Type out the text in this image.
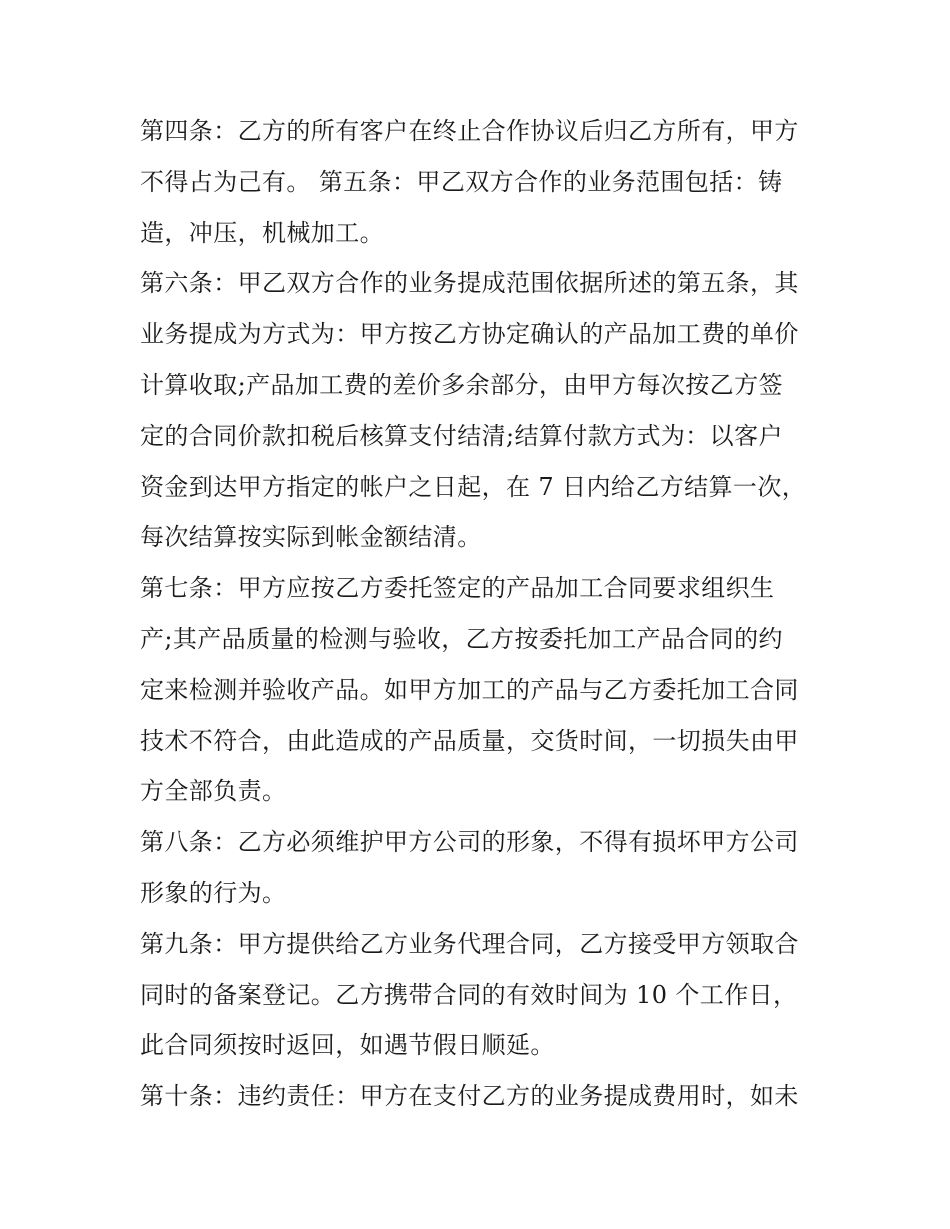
第四条：乙方的所有客户在终止合作协议后归乙方所有，甲方
不得占为己有。 第五条：甲乙双方合作的业务范围包括：铸
造，冲压，机械加工。
第六条：甲乙双方合作的业务提成范围依据所述的第五条，其
业务提成为方式为：甲方按乙方协定确认的产品加工费的单价
计算收取;产品加工费的差价多余部分，由甲方每次按乙方签
定的合同价款扣税后核算支付结清;结算付款方式为：以客户
资金到达甲方指定的帐户之日起，在 7 日内给乙方结算一次，
每次结算按实际到帐金额结清。
第七条：甲方应按乙方委托签定的产品加工合同要求组织生
产;其产品质量的检测与验收，乙方按委托加工产品合同的约
定来检测并验收产品。如甲方加工的产品与乙方委托加工合同
技术不符合，由此造成的产品质量，交货时间，一切损失由甲
方全部负责。
第八条：乙方必须维护甲方公司的形象，不得有损坏甲方公司
形象的行为。
第九条：甲方提供给乙方业务代理合同，乙方接受甲方领取合
同时的备案登记。乙方携带合同的有效时间为 10 个工作日，
此合同须按时返回，如遇节假日顺延。
第十条：违约责任：甲方在支付乙方的业务提成费用时，如未
